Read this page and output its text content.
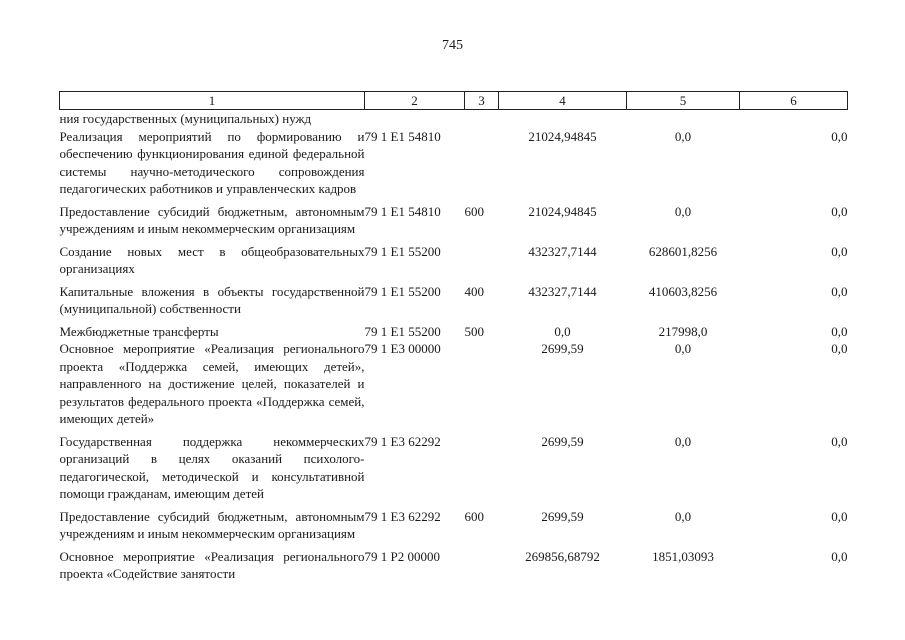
745
1	2	3	4	5	6
ния государственных (муниципальных) нужд					
Реализация мероприятий по формированию и обеспечению функционирования единой федеральной системы научно-методического сопровождения педагогических работников и управленческих кадров	79 1 Е1 54810		21024,94845	0,0	0,0
Предоставление субсидий бюджетным, автономным учреждениям и иным некоммерческим организациям	79 1 Е1 54810	600	21024,94845	0,0	0,0
Создание новых мест в общеобразовательных организациях	79 1 Е1 55200		432327,7144	628601,8256	0,0
Капитальные вложения в объекты государственной (муниципальной) собственности	79 1 Е1 55200	400	432327,7144	410603,8256	0,0
Межбюджетные трансферты	79 1 Е1 55200	500	0,0	217998,0	0,0
Основное мероприятие «Реализация регионального проекта «Поддержка семей, имеющих детей», направленного на достижение целей, показателей и результатов федерального проекта «Поддержка семей, имеющих детей»	79 1 Е3 00000		2699,59	0,0	0,0
Государственная поддержка некоммерческих организаций в целях оказаний психолого-педагогической, методической и консультативной помощи гражданам, имеющим детей	79 1 Е3 62292		2699,59	0,0	0,0
Предоставление субсидий бюджетным, автономным учреждениям и иным некоммерческим организациям	79 1 Е3 62292	600	2699,59	0,0	0,0
Основное мероприятие «Реализация регионального проекта «Содействие занятости	79 1 Р2 00000		269856,68792	1851,03093	0,0
